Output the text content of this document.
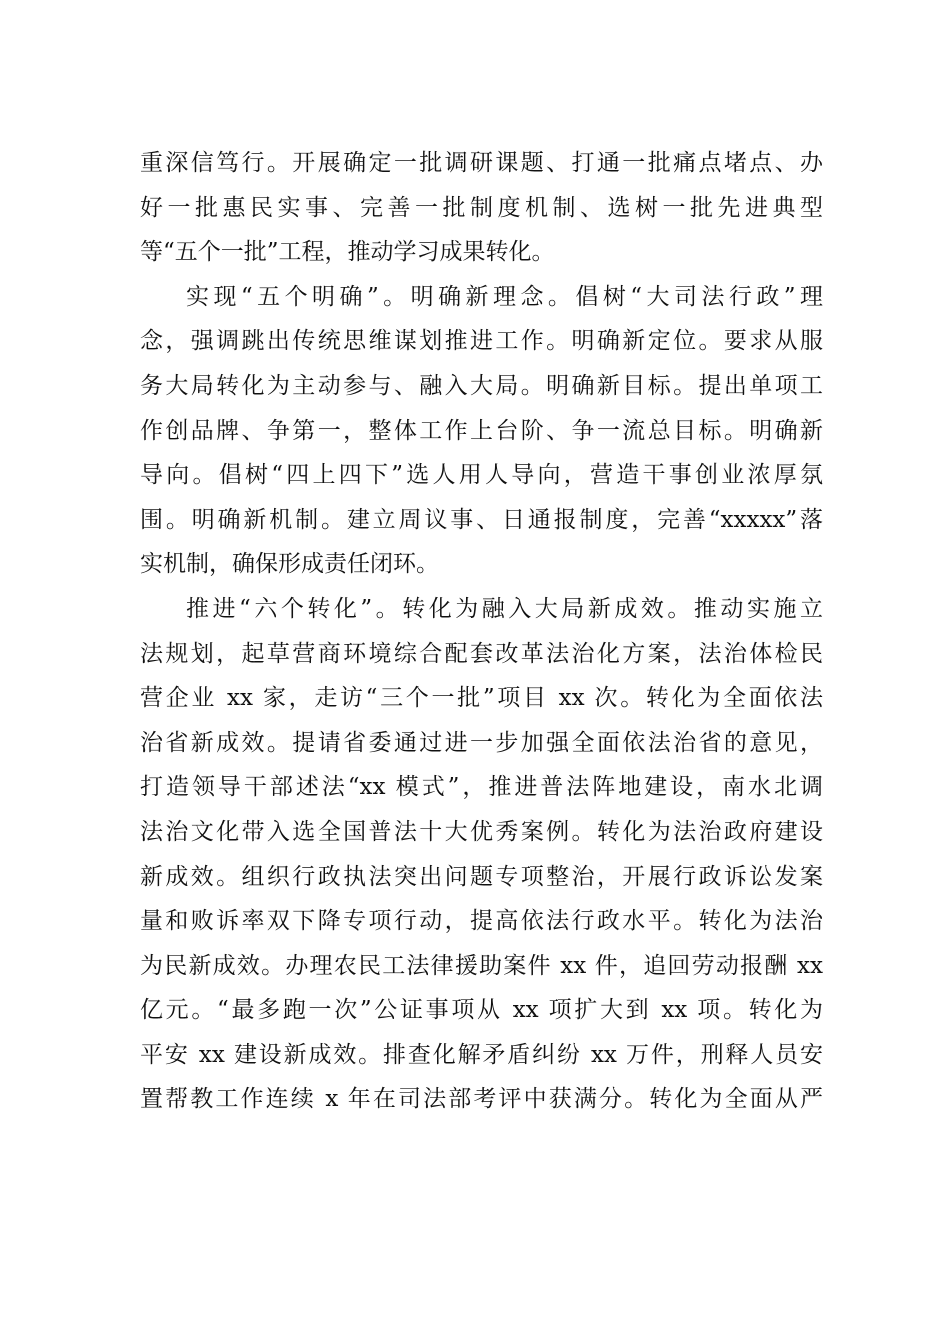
重深信笃行。开展确定一批调研课题、打通一批痛点堵点、办
好一批惠民实事、完善一批制度机制、选树一批先进典型
等“五个一批”工程，推动学习成果转化。
实现“五个明确”。明确新理念。倡树“大司法行政”理
念，强调跳出传统思维谋划推进工作。明确新定位。要求从服
务大局转化为主动参与、融入大局。明确新目标。提出单项工
作创品牌、争第一，整体工作上台阶、争一流总目标。明确新
导向。倡树“四上四下”选人用人导向，营造干事创业浓厚氛
围。明确新机制。建立周议事、日通报制度，完善“xxxxx”落
实机制，确保形成责任闭环。
推进“六个转化”。转化为融入大局新成效。推动实施立
法规划，起草营商环境综合配套改革法治化方案，法治体检民
营企业 xx 家，走访“三个一批”项目 xx 次。转化为全面依法
治省新成效。提请省委通过进一步加强全面依法治省的意见，
打造领导干部述法“xx 模式”，推进普法阵地建设，南水北调
法治文化带入选全国普法十大优秀案例。转化为法治政府建设
新成效。组织行政执法突出问题专项整治，开展行政诉讼发案
量和败诉率双下降专项行动，提高依法行政水平。转化为法治
为民新成效。办理农民工法律援助案件 xx 件，追回劳动报酬 xx
亿元。“最多跑一次”公证事项从 xx 项扩大到 xx 项。转化为
平安 xx 建设新成效。排查化解矛盾纠纷 xx 万件，刑释人员安
置帮教工作连续 x 年在司法部考评中获满分。转化为全面从严
